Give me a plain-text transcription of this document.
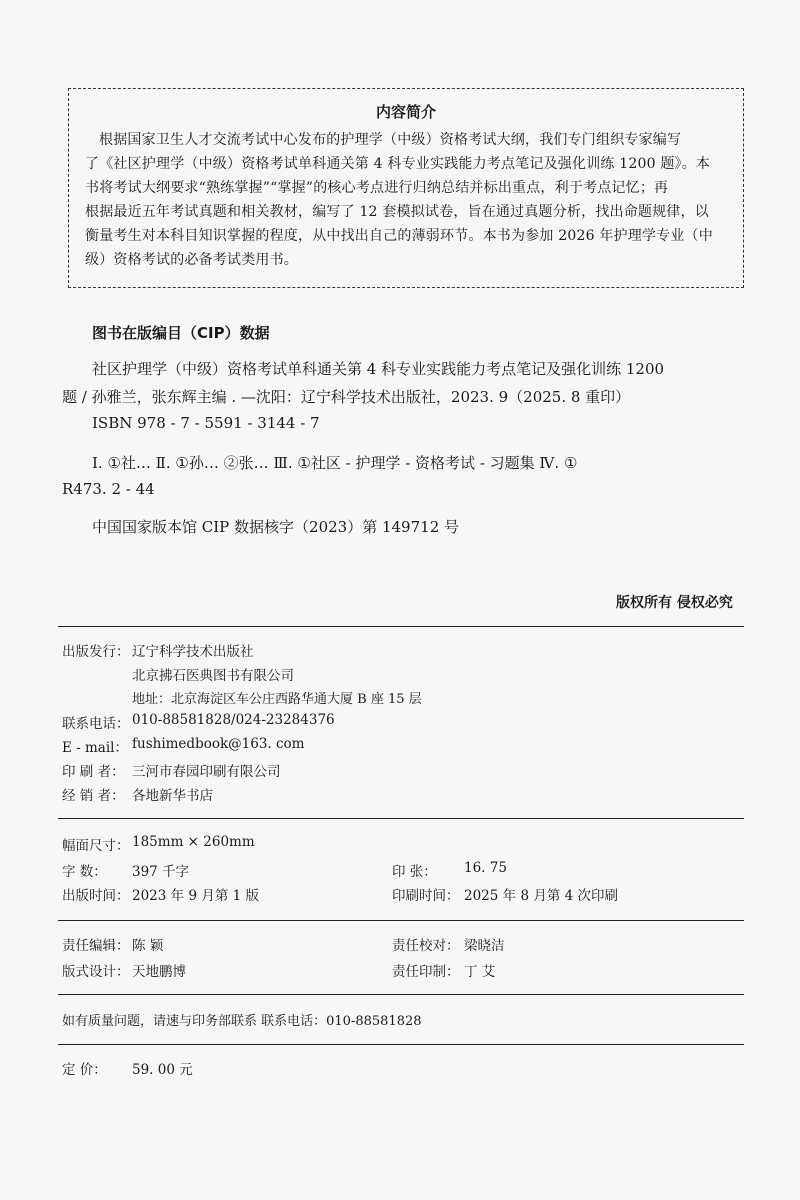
内容简介
根据国家卫生人才交流考试中心发布的护理学（中级）资格考试大纲，我们专门组织专家编写
了《社区护理学（中级）资格考试单科通关第 4 科专业实践能力考点笔记及强化训练 1200 题》。本
书将考试大纲要求“熟练掌握”“掌握”的核心考点进行归纳总结并标出重点，利于考点记忆；再
根据最近五年考试真题和相关教材，编写了 12 套模拟试卷，旨在通过真题分析，找出命题规律，以
衡量考生对本科目知识掌握的程度，从中找出自己的薄弱环节。本书为参加 2026 年护理学专业（中
级）资格考试的必备考试类用书。
图书在版编目（CIP）数据
社区护理学（中级）资格考试单科通关第 4 科专业实践能力考点笔记及强化训练 1200
题 / 孙雅兰，张东辉主编 . —沈阳：辽宁科学技术出版社，2023. 9（2025. 8 重印）
ISBN 978 - 7 - 5591 - 3144 - 7
Ⅰ. ①社… Ⅱ. ①孙… ②张… Ⅲ. ①社区 - 护理学 - 资格考试 - 习题集 Ⅳ. ①
R473. 2 - 44
中国国家版本馆 CIP 数据核字（2023）第 149712 号
版权所有 侵权必究
出版发行： 辽宁科学技术出版社
北京拂石医典图书有限公司
地址：北京海淀区车公庄西路华通大厦 B 座 15 层
联系电话： 010-88581828/024-23284376
E - mail： fushimedbook@163. com
印 刷 者： 三河市春园印刷有限公司
经 销 者： 各地新华书店
幅面尺寸： 185mm × 260mm
字 数： 397 千字	印 张： 16. 75
出版时间： 2023 年 9 月第 1 版	印刷时间： 2025 年 8 月第 4 次印刷
责任编辑： 陈 颖	责任校对： 梁晓洁
版式设计： 天地鹏博	责任印制： 丁 艾
如有质量问题，请速与印务部联系 联系电话：010-88581828
定 价： 59. 00 元
